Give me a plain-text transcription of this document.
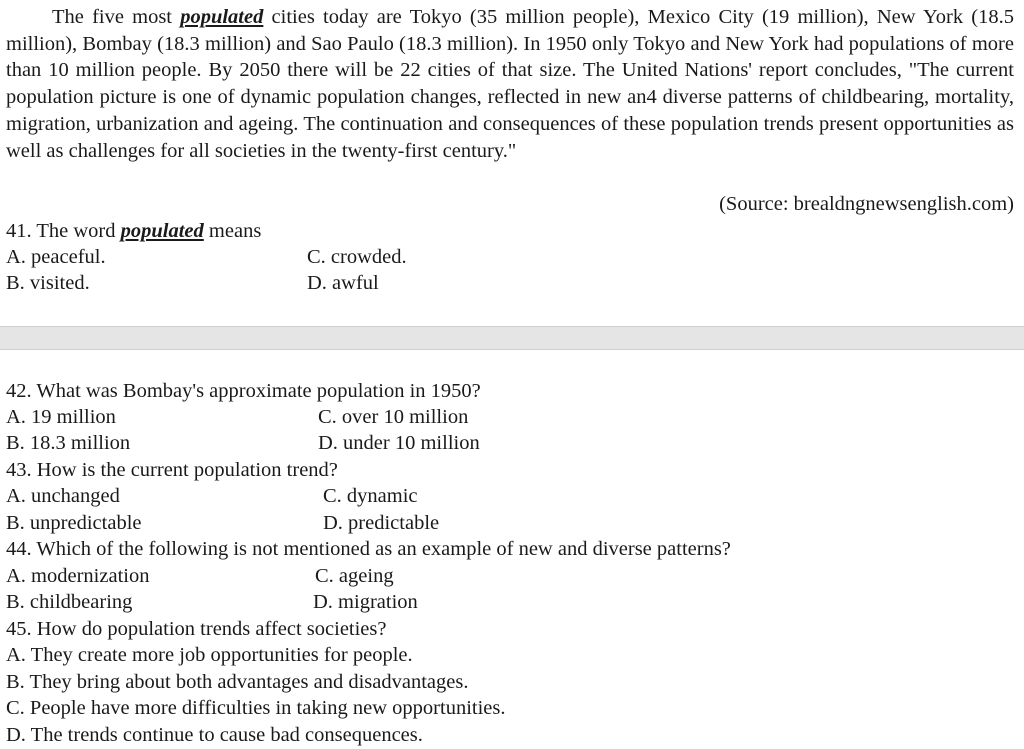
The five most populated cities today are Tokyo (35 million people), Mexico City (19 million), New York (18.5 million), Bombay (18.3 million) and Sao Paulo (18.3 million). In 1950 only Tokyo and New York had populations of more than 10 million people. By 2050 there will be 22 cities of that size. The United Nations' report concludes, "The current population picture is one of dynamic population changes, reflected in new an4 diverse patterns of childbearing, mortality, migration, urbanization and ageing. The continuation and consequences of these population trends present opportunities as well as challenges for all societies in the twenty-first century."

(Source: brealdngnewsenglish.com)
41. The word populated means
A. peaceful.	C. crowded.
B. visited.	D. awful
42. What was Bombay's approximate population in 1950?
A. 19 million	C. over 10 million
B. 18.3 million	D. under 10 million
43. How is the current population trend?
A. unchanged	C. dynamic
B. unpredictable	D. predictable
44. Which of the following is not mentioned as an example of new and diverse patterns?
A. modernization	C. ageing
B. childbearing	D. migration
45. How do population trends affect societies?
A. They create more job opportunities for people.
B. They bring about both advantages and disadvantages.
C. People have more difficulties in taking new opportunities.
D. The trends continue to cause bad consequences.
